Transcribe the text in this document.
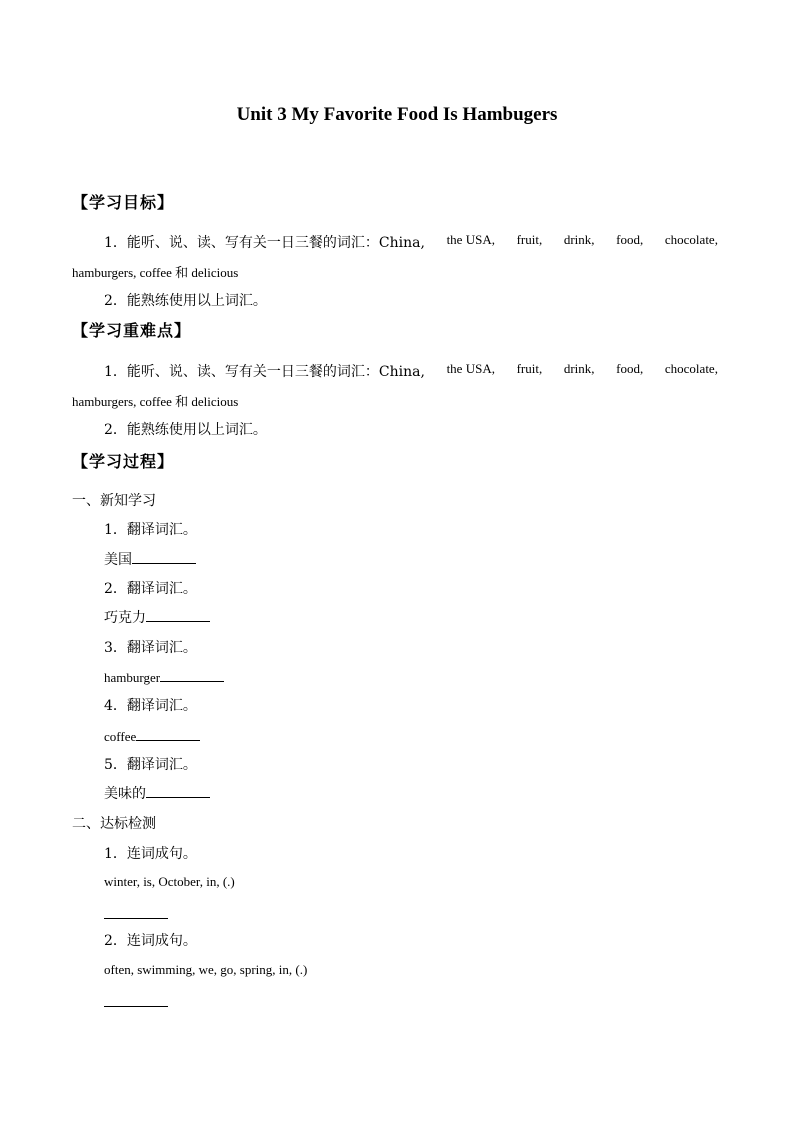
Unit 3 My Favorite Food Is Hambugers
【学习目标】
1．能听、说、读、写有关一日三餐的词汇：China, the USA, fruit, drink, food, chocolate,
hamburgers, coffee 和 delicious
2．能熟练使用以上词汇。
【学习重难点】
1．能听、说、读、写有关一日三餐的词汇：China, the USA, fruit, drink, food, chocolate,
hamburgers, coffee 和 delicious
2．能熟练使用以上词汇。
【学习过程】
一、新知学习
1．翻译词汇。
美国
2．翻译词汇。
巧克力
3．翻译词汇。
hamburger
4．翻译词汇。
coffee
5．翻译词汇。
美味的
二、达标检测
1．连词成句。
winter, is, October, in, (.)
2．连词成句。
often, swimming, we, go, spring, in, (.)
